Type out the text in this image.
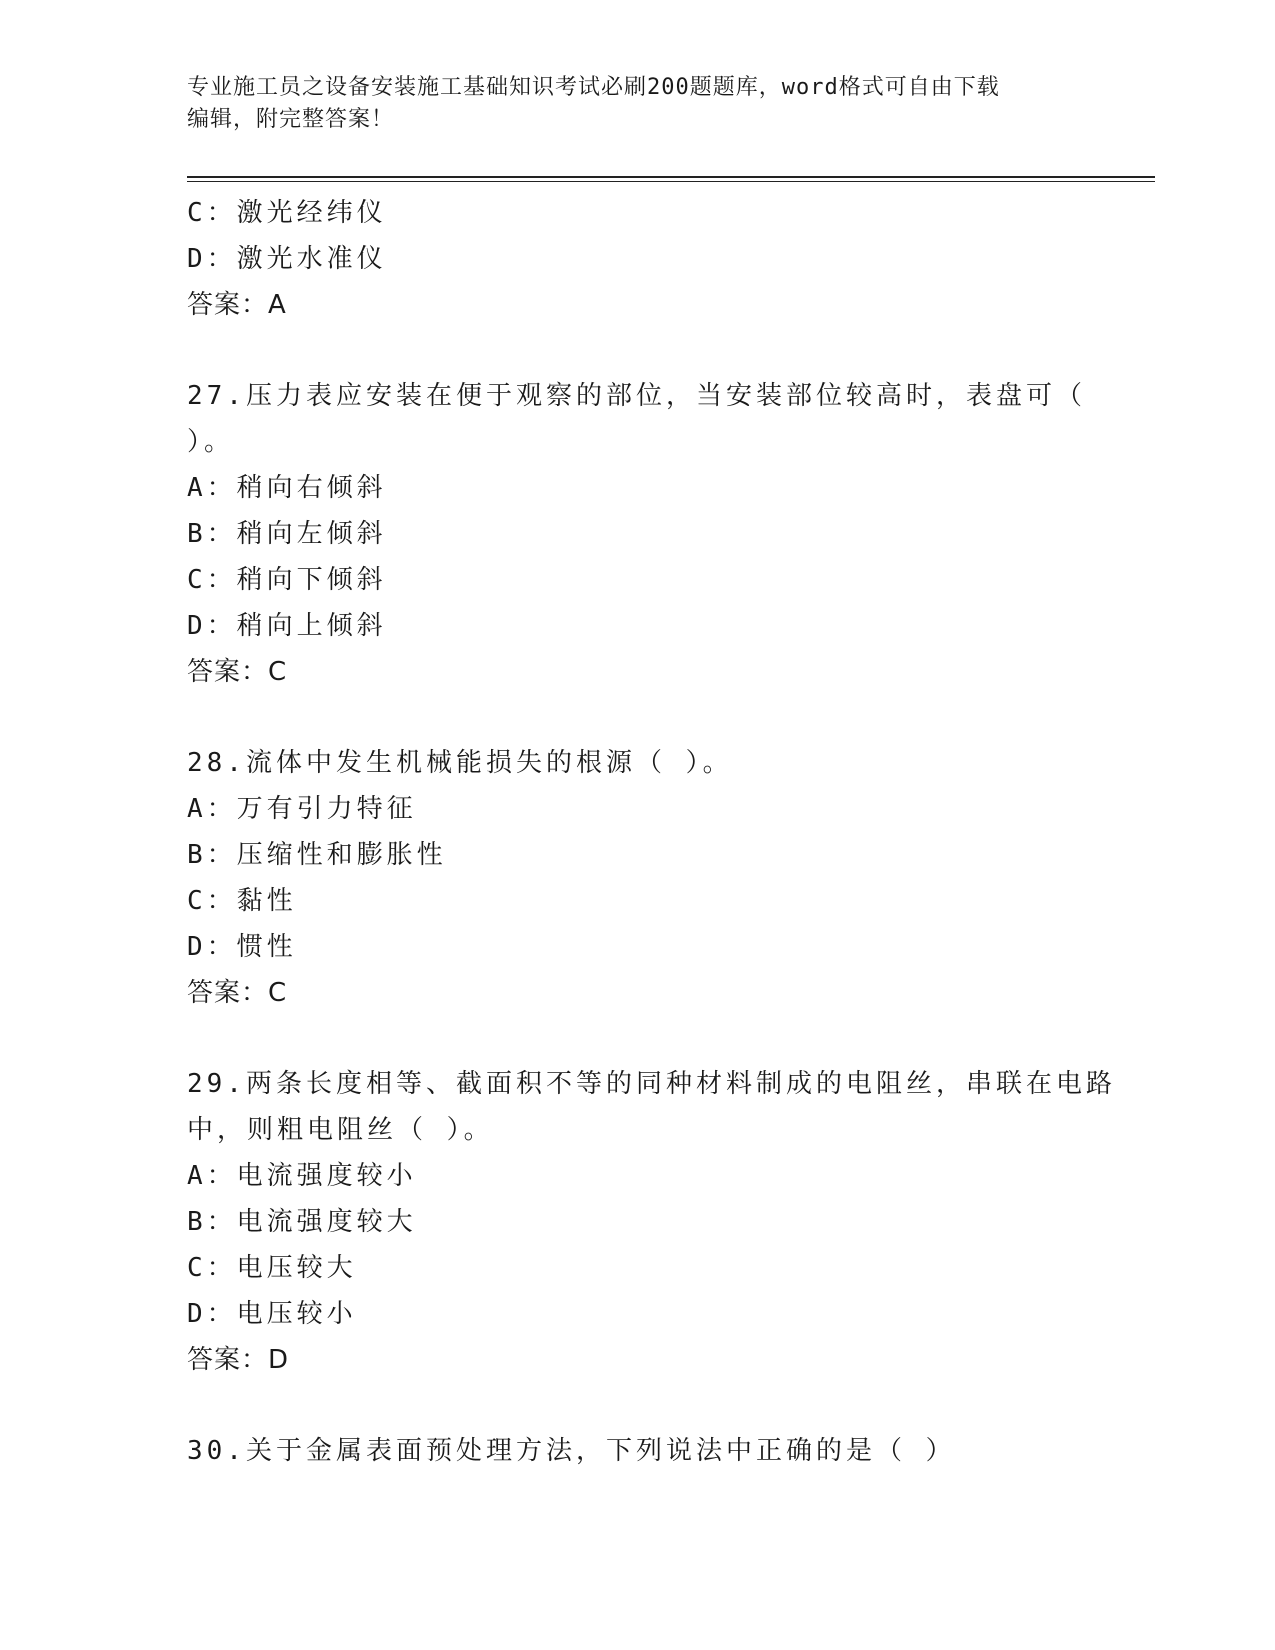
专业施工员之设备安装施工基础知识考试必刷200题题库，word格式可自由下载
编辑，附完整答案！
C：激光经纬仪
D：激光水准仪
答案：A
27.压力表应安装在便于观察的部位，当安装部位较高时，表盘可（
）。
A：稍向右倾斜
B：稍向左倾斜
C：稍向下倾斜
D：稍向上倾斜
答案：C
28.流体中发生机械能损失的根源（ ）。
A：万有引力特征
B：压缩性和膨胀性
C：黏性
D：惯性
答案：C
29.两条长度相等、截面积不等的同种材料制成的电阻丝，串联在电路
中，则粗电阻丝（ ）。
A：电流强度较小
B：电流强度较大
C：电压较大
D：电压较小
答案：D
30.关于金属表面预处理方法，下列说法中正确的是（ ）
